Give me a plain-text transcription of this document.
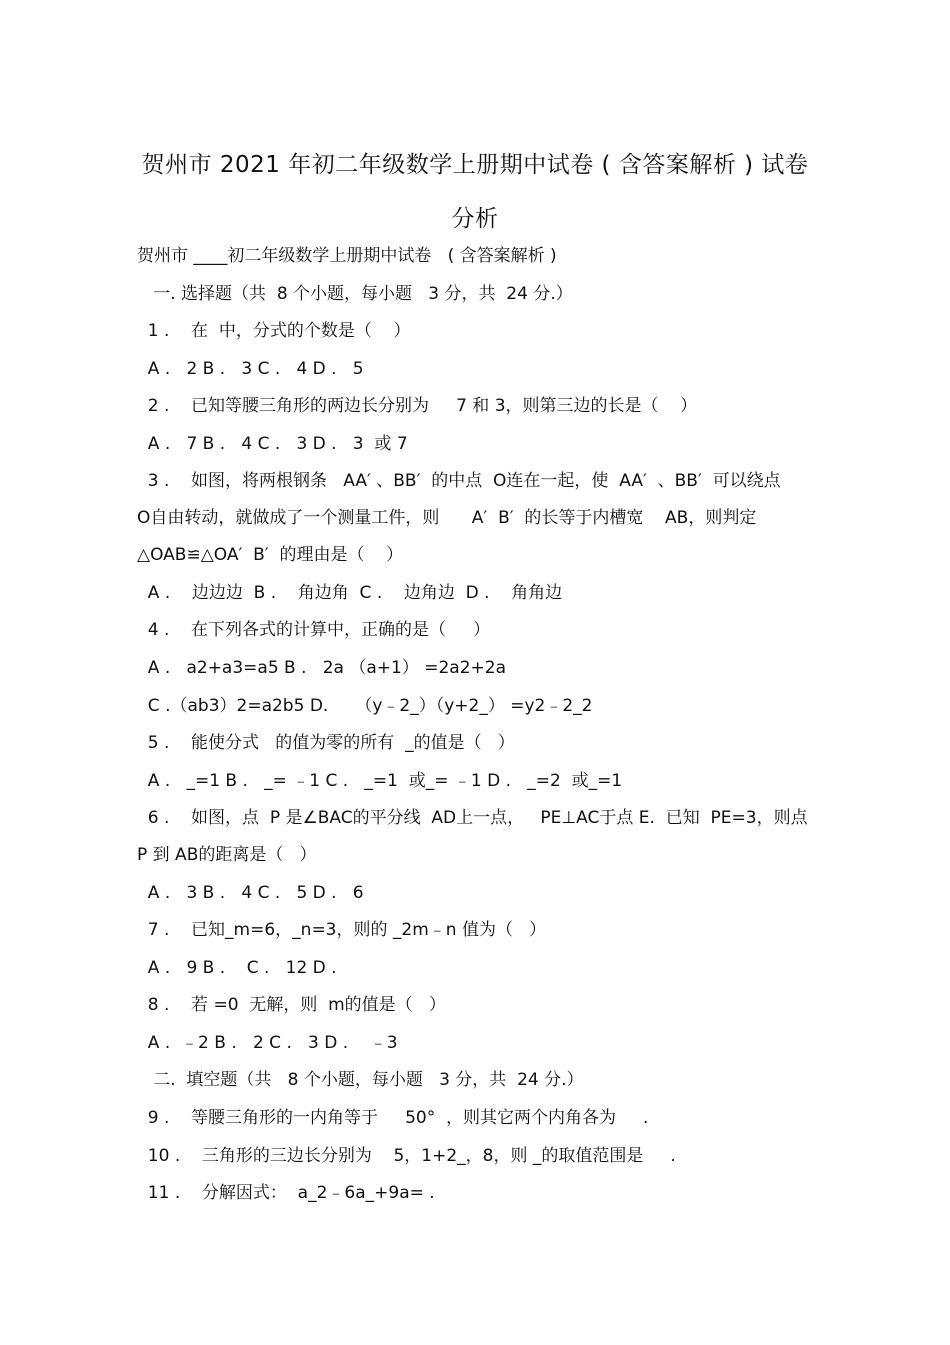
贺州市 2021 年初二年级数学上册期中试卷 ( 含答案解析 ) 试卷
分析
贺州市 ____初二年级数学上册期中试卷   ( 含答案解析 )
一. 选择题（共  8 个小题，每小题   3 分，共  24 分.）
1 .    在  中，分式的个数是（    ）
A .   2 B .   3 C .   4 D .   5
2 .    已知等腰三角形的两边长分别为     7 和 3，则第三边的长是（    ）
A .   7 B .   4 C .   3 D .   3  或 7
3 .    如图，将两根钢条   AA′ 、BB′  的中点  O连在一起，使  AA′  、BB′  可以绕点
O自由转动，就做成了一个测量工件，则      A′  B′  的长等于内槽宽    AB，则判定
△OAB≌△OA′  B′  的理由是（    ）
A .    边边边  B .    角边角  C .    边角边  D .    角角边
4 .    在下列各式的计算中，正确的是（     ）
A .   a2+a3=a5 B .   2a （a+1） =2a2+2a
C .（ab3）2=a2b5 D.     （y﹣2_）（y+2_） =y2﹣2_2
5 .    能使分式   的值为零的所有  _的值是（   ）
A .   _=1 B .   _= ﹣1 C .   _=1  或_= ﹣1 D .   _=2  或_=1
6 .    如图，点  P 是∠BAC的平分线  AD上一点，   PE⊥AC于点 E.  已知  PE=3，则点
P 到 AB的距离是（   ）
A .   3 B .   4 C .   5 D .   6
7 .    已知_m=6，_n=3，则的 _2m﹣n 值为（   ）
A .   9 B .    C .   12 D .
8 .    若 =0  无解，则  m的值是（   ）
A .  ﹣2 B .   2 C .   3 D .    ﹣3
二.  填空题（共   8 个小题，每小题   3 分，共  24 分.）
9 .    等腰三角形的一内角等于     50°  ，则其它两个内角各为     .
10 .    三角形的三边长分别为    5，1+2_，8，则 _的取值范围是     .
11 .    分解因式：  a_2﹣6a_+9a= .
